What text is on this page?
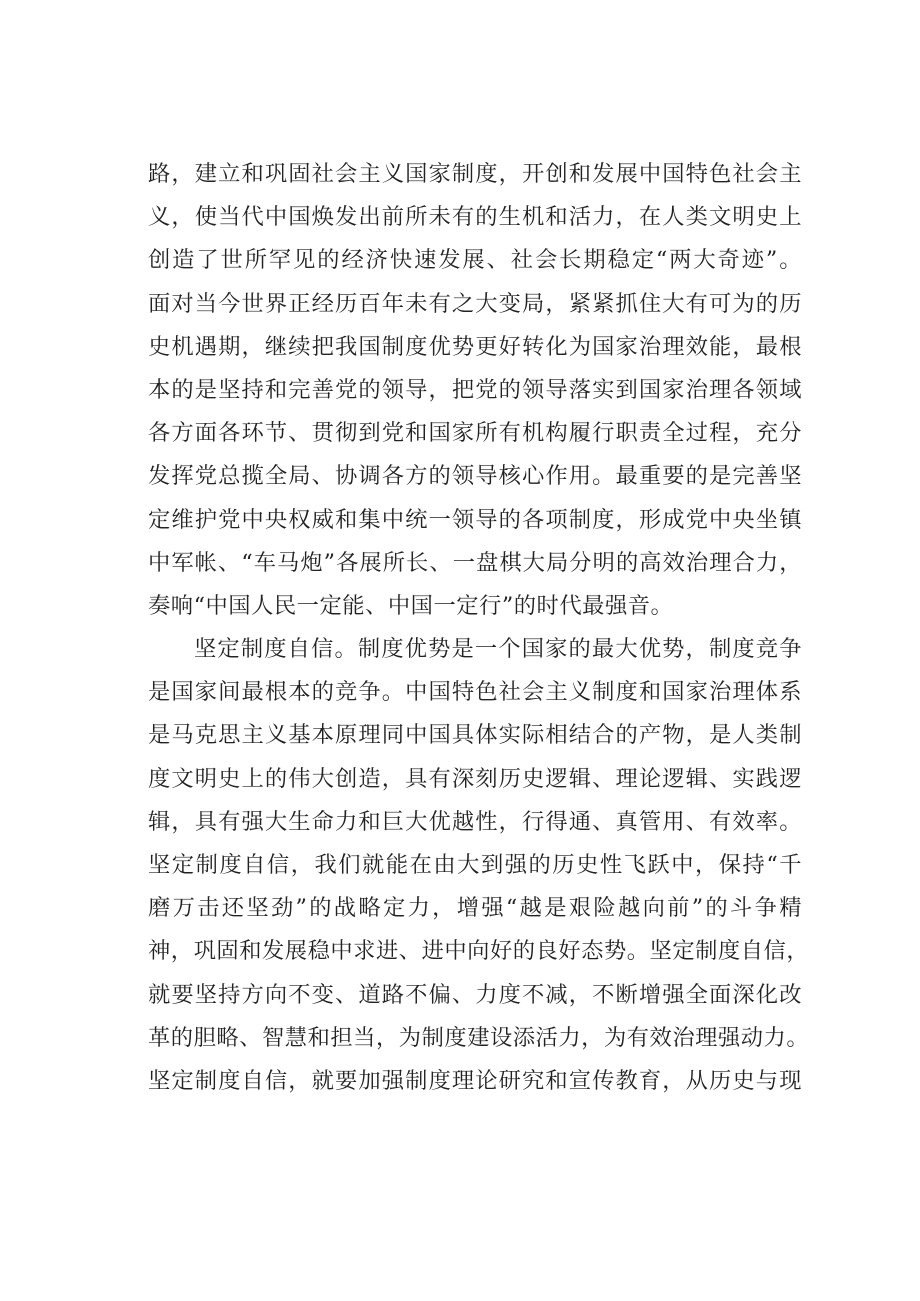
路，建立和巩固社会主义国家制度，开创和发展中国特色社会主
义，使当代中国焕发出前所未有的生机和活力，在人类文明史上
创造了世所罕见的经济快速发展、社会长期稳定“两大奇迹”。
面对当今世界正经历百年未有之大变局，紧紧抓住大有可为的历
史机遇期，继续把我国制度优势更好转化为国家治理效能，最根
本的是坚持和完善党的领导，把党的领导落实到国家治理各领域
各方面各环节、贯彻到党和国家所有机构履行职责全过程，充分
发挥党总揽全局、协调各方的领导核心作用。最重要的是完善坚
定维护党中央权威和集中统一领导的各项制度，形成党中央坐镇
中军帐、“车马炮”各展所长、一盘棋大局分明的高效治理合力，
奏响“中国人民一定能、中国一定行”的时代最强音。
坚定制度自信。制度优势是一个国家的最大优势，制度竞争
是国家间最根本的竞争。中国特色社会主义制度和国家治理体系
是马克思主义基本原理同中国具体实际相结合的产物，是人类制
度文明史上的伟大创造，具有深刻历史逻辑、理论逻辑、实践逻
辑，具有强大生命力和巨大优越性，行得通、真管用、有效率。
坚定制度自信，我们就能在由大到强的历史性飞跃中，保持“千
磨万击还坚劲”的战略定力，增强“越是艰险越向前”的斗争精
神，巩固和发展稳中求进、进中向好的良好态势。坚定制度自信，
就要坚持方向不变、道路不偏、力度不减，不断增强全面深化改
革的胆略、智慧和担当，为制度建设添活力，为有效治理强动力。
坚定制度自信，就要加强制度理论研究和宣传教育，从历史与现
